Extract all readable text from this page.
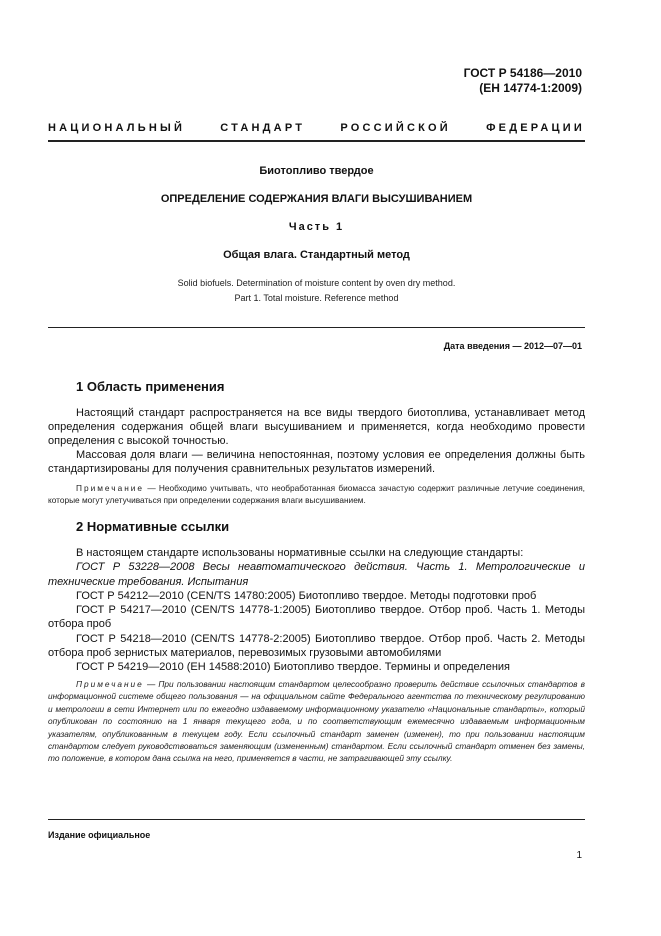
ГОСТ Р 54186—2010
(ЕН 14774-1:2009)
НАЦИОНАЛЬНЫЙ	СТАНДАРТ	РОССИЙСКОЙ	ФЕДЕРАЦИИ
Биотопливо твердое
ОПРЕДЕЛЕНИЕ СОДЕРЖАНИЯ ВЛАГИ ВЫСУШИВАНИЕМ
Часть 1
Общая влага. Стандартный метод
Solid biofuels. Determination of moisture content by oven dry method.
Part 1. Total moisture. Reference method
Дата введения — 2012—07—01
1 Область применения
Настоящий стандарт распространяется на все виды твердого биотоплива, устанавливает метод определения содержания общей влаги высушиванием и применяется, когда необходимо провести определения с высокой точностью.
Массовая доля влаги — величина непостоянная, поэтому условия ее определения должны быть стандартизированы для получения сравнительных результатов измерений.
Примечание — Необходимо учитывать, что необработанная биомасса зачастую содержит различные летучие соединения, которые могут улетучиваться при определении содержания влаги высушиванием.
2 Нормативные ссылки
В настоящем стандарте использованы нормативные ссылки на следующие стандарты:
ГОСТ Р 53228—2008 Весы неавтоматического действия. Часть 1. Метрологические и технические требования. Испытания
ГОСТ Р 54212—2010 (CEN/TS 14780:2005) Биотопливо твердое. Методы подготовки проб
ГОСТ Р 54217—2010 (CEN/TS 14778-1:2005) Биотопливо твердое. Отбор проб. Часть 1. Методы отбора проб
ГОСТ Р 54218—2010 (CEN/TS 14778-2:2005) Биотопливо твердое. Отбор проб. Часть 2. Методы отбора проб зернистых материалов, перевозимых грузовыми автомобилями
ГОСТ Р 54219—2010 (ЕН 14588:2010) Биотопливо твердое. Термины и определения
Примечание — При пользовании настоящим стандартом целесообразно проверить действие ссылочных стандартов в информационной системе общего пользования — на официальном сайте Федерального агентства по техническому регулированию и метрологии в сети Интернет или по ежегодно издаваемому информационному указателю «Национальные стандарты», который опубликован по состоянию на 1 января текущего года, и по соответствующим ежемесячно издаваемым информационным указателям, опубликованным в текущем году. Если ссылочный стандарт заменен (изменен), то при пользовании настоящим стандартом следует руководствоваться заменяющим (измененным) стандартом. Если ссылочный стандарт отменен без замены, то положение, в котором дана ссылка на него, применяется в части, не затрагивающей эту ссылку.
Издание официальное
1
